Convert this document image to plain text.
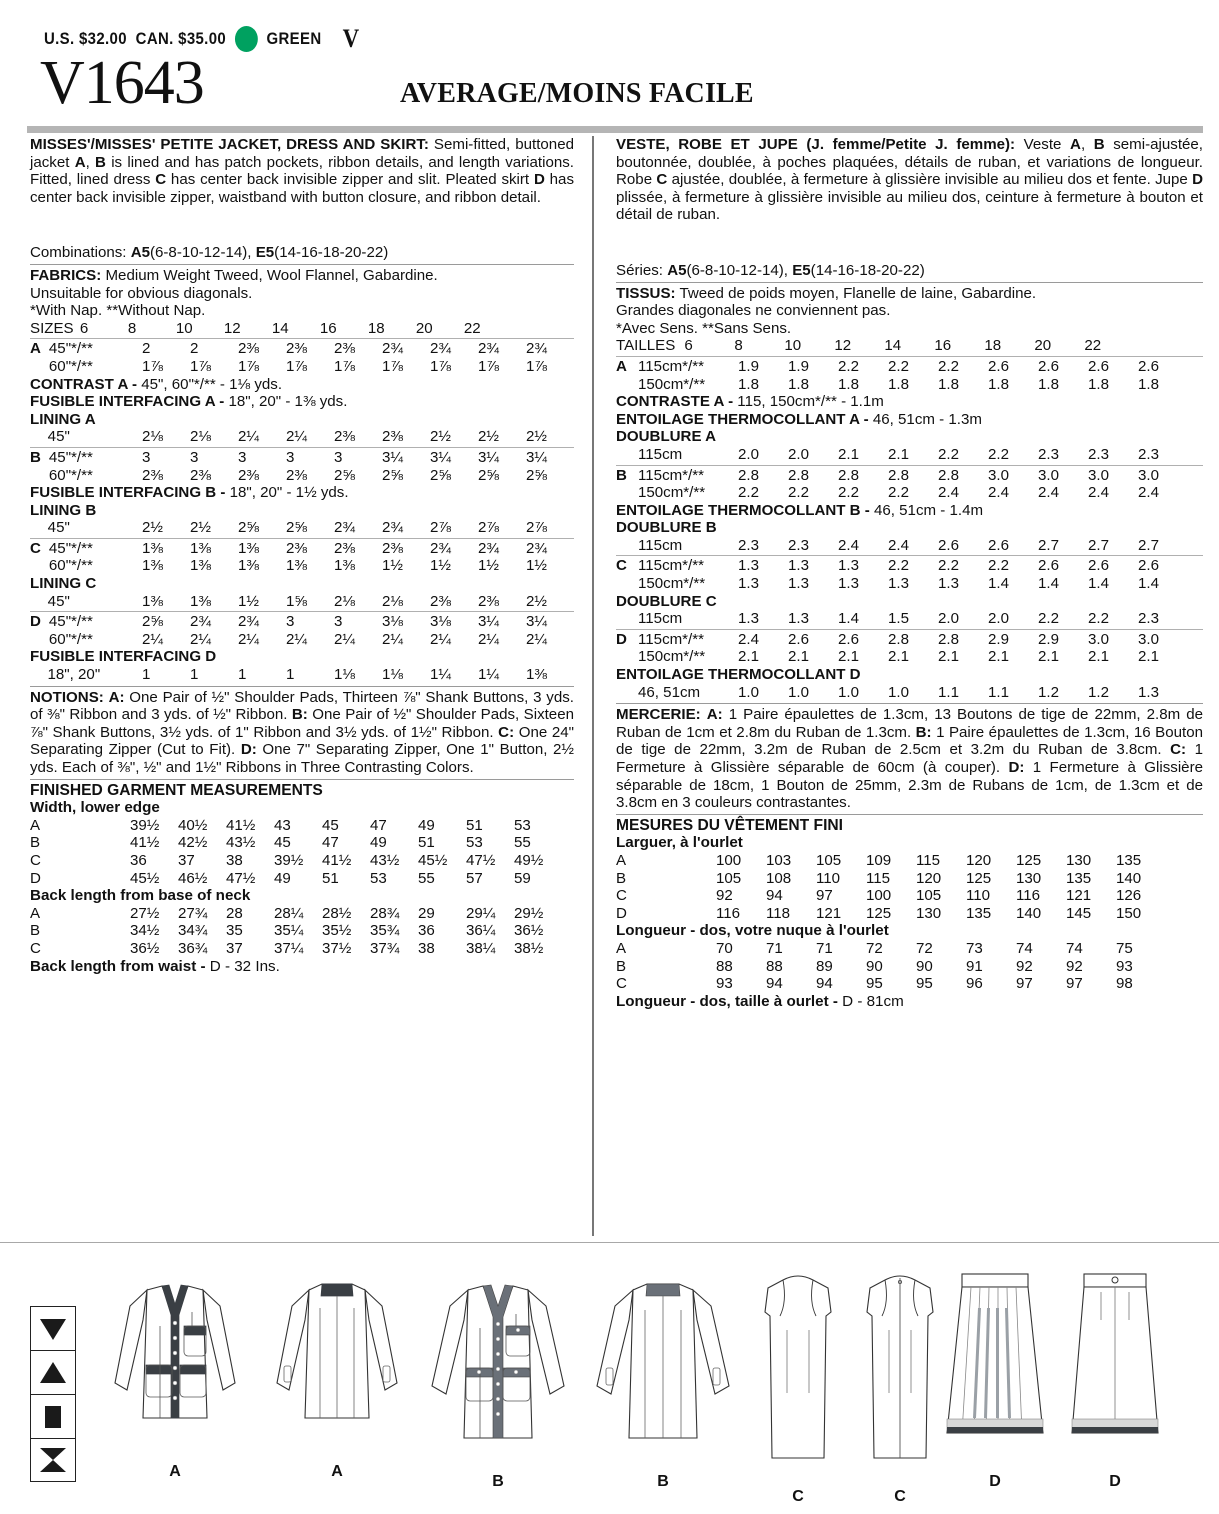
U.S. $32.00 CAN. $35.00 GREEN V
V1643	AVERAGE/MOINS FACILE

MISSES'/MISSES' PETITE JACKET, DRESS AND SKIRT: Semi-fitted, buttoned jacket A, B is lined and has patch pockets, ribbon details, and length variations. Fitted, lined dress C has center back invisible zipper and slit. Pleated skirt D has center back invisible zipper, waistband with button closure, and ribbon detail.

Combinations: A5(6-8-10-12-14), E5(14-16-18-20-22)

FABRICS: Medium Weight Tweed, Wool Flannel, Gabardine.

Unsuitable for obvious diagonals.

*With Nap. **Without Nap.

SIZES	6	8	10 12 14 16 18 20 22
A	45"*/**	2 2 2⅜ 2⅜ 2⅜ 2¾ 2¾ 2¾ 2¾
	60"*/**	1⅞ 1⅞ 1⅞ 1⅞ 1⅞ 1⅞ 1⅞ 1⅞ 1⅞

CONTRAST A - 45", 60"*/** - 1⅛ yds.

FUSIBLE INTERFACING A - 18", 20" - 1⅜ yds.

LINING A

	45"	2⅛ 2⅛ 2¼ 2¼ 2⅜ 2⅜ 2½ 2½ 2½
B	45"*/**	3 3 3 3 3 3¼ 3¼ 3¼ 3¼
	60"*/**	2⅜ 2⅜ 2⅜ 2⅜ 2⅝ 2⅝ 2⅝ 2⅝ 2⅝

FUSIBLE INTERFACING B - 18", 20" - 1½ yds.

LINING B

	45"	2½ 2½ 2⅝ 2⅝ 2¾ 2¾ 2⅞ 2⅞ 2⅞
C	45"*/**	1⅜ 1⅜ 1⅜ 2⅜ 2⅜ 2⅜ 2¾ 2¾ 2¾
	60"*/**	1⅜ 1⅜ 1⅜ 1⅜ 1⅜ 1½ 1½ 1½ 1½

LINING C

	45"	1⅜ 1⅜ 1½ 1⅝ 2⅛ 2⅛ 2⅜ 2⅜ 2½
D	45"*/**	2⅝ 2¾ 2¾ 3 3 3⅛ 3⅛ 3¼ 3¼
	60"*/**	2¼ 2¼ 2¼ 2¼ 2¼ 2¼ 2¼ 2¼ 2¼

FUSIBLE INTERFACING D

	18", 20"	1	1	1	1	1⅛ 1⅛ 1¼ 1¼ 1⅜

NOTIONS: A: One Pair of ½" Shoulder Pads, Thirteen ⅞" Shank Buttons, 3 yds. of ⅜" Ribbon and 3 yds. of ½" Ribbon. B: One Pair of ½" Shoulder Pads, Sixteen ⅞" Shank Buttons, 3½ yds. of 1" Ribbon and 3½ yds. of 1½" Ribbon. C: One 24" Separating Zipper (Cut to Fit). D: One 7" Separating Zipper, One 1" Button, 2½ yds. Each of ⅜", ½" and 1½" Ribbons in Three Contrasting Colors.

FINISHED GARMENT MEASUREMENTS

Width, lower edge

A	39½ 40½ 41½ 43 45 47 49 51 53
B	41½ 42½ 43½ 45 47 49 51 53 55
C	36 37 38 39½ 41½ 43½ 45½ 47½ 49½
D	45½ 46½ 47½ 49 51 53 55 57 59

Back length from base of neck

A	27½ 27¾ 28 28¼ 28½ 28¾ 29 29¼ 29½
B	34½ 34¾ 35 35¼ 35½ 35¾ 36 36¼ 36½
C	36½ 36¾ 37 37¼ 37½ 37¾ 38 38¼ 38½

Back length from waist - D - 32 Ins.

VESTE, ROBE ET JUPE (J. femme/Petite J. femme): Veste A, B semi-ajustée, boutonnée, doublée, à poches plaquées, détails de ruban, et variations de longueur. Robe C ajustée, doublée, à fermeture à glissière invisible au milieu dos et fente. Jupe D plissée, à fermeture à glissière invisible au milieu dos, ceinture à fermeture à bouton et détail de ruban.

Séries: A5(6-8-10-12-14), E5(14-16-18-20-22)

TISSUS: Tweed de poids moyen, Flanelle de laine, Gabardine.

Grandes diagonales ne conviennent pas.

*Avec Sens. **Sans Sens.

TAILLES	6	8	10 12 14 16 18 20 22
A	115cm*/**	1.9 1.9 2.2 2.2 2.2 2.6 2.6 2.6 2.6
	150cm*/**	1.8 1.8 1.8 1.8 1.8 1.8 1.8 1.8 1.8

CONTRASTE A - 115, 150cm*/** - 1.1m

ENTOILAGE THERMOCOLLANT A - 46, 51cm - 1.3m

DOUBLURE A

	115cm	2.0 2.0 2.1 2.1 2.2 2.2 2.3 2.3 2.3
B	115cm*/**	2.8 2.8 2.8 2.8 2.8 3.0 3.0 3.0 3.0
	150cm*/**	2.2 2.2 2.2 2.2 2.4 2.4 2.4 2.4 2.4

ENTOILAGE THERMOCOLLANT B - 46, 51cm - 1.4m

DOUBLURE B

	115cm	2.3 2.3 2.4 2.4 2.6 2.6 2.7 2.7 2.7
C	115cm*/**	1.3 1.3 1.3 2.2 2.2 2.2 2.6 2.6 2.6
	150cm*/**	1.3 1.3 1.3 1.3 1.3 1.4 1.4 1.4 1.4

DOUBLURE C

	115cm	1.3 1.3 1.4 1.5 2.0 2.0 2.2 2.2 2.3
D	115cm*/**	2.4 2.6 2.6 2.8 2.8 2.9 2.9 3.0 3.0
	150cm*/**	2.1 2.1 2.1 2.1 2.1 2.1 2.1 2.1 2.1

ENTOILAGE THERMOCOLLANT D

	46, 51cm	1.0 1.0 1.0 1.0 1.1 1.1 1.2 1.2 1.3

MERCERIE: A: 1 Paire épaulettes de 1.3cm, 13 Boutons de tige de 22mm, 2.8m de Ruban de 1cm et 2.8m du Ruban de 1.3cm. B: 1 Paire épaulettes de 1.3cm, 16 Bouton de tige de 22mm, 3.2m de Ruban de 2.5cm et 3.2m du Ruban de 3.8cm. C: 1 Fermeture à Glissière séparable de 60cm (à couper). D: 1 Fermeture à Glissière séparable de 18cm, 1 Bouton de 25mm, 2.3m de Rubans de 1cm, de 1.3cm et de 3.8cm en 3 couleurs contrastantes.

MESURES DU VÊTEMENT FINI

Larguer, à l'ourlet

A	100 103 105 109 115 120 125 130 135
B	105 108 110 115 120 125 130 135 140
C	92 94 97 100 105 110 116 121 126
D	116 118 121 125 130 135 140 145 150

Longueur - dos, votre nuque à l'ourlet

A	70 71 71 72 72 73 74 74 75
B	88 88 89 90 90 91 92 92 93
C	93 94 94 95 95 96 97 97 98

Longueur - dos, taille à ourlet - D - 81cm

A	A
B	B
C	C
D	D
